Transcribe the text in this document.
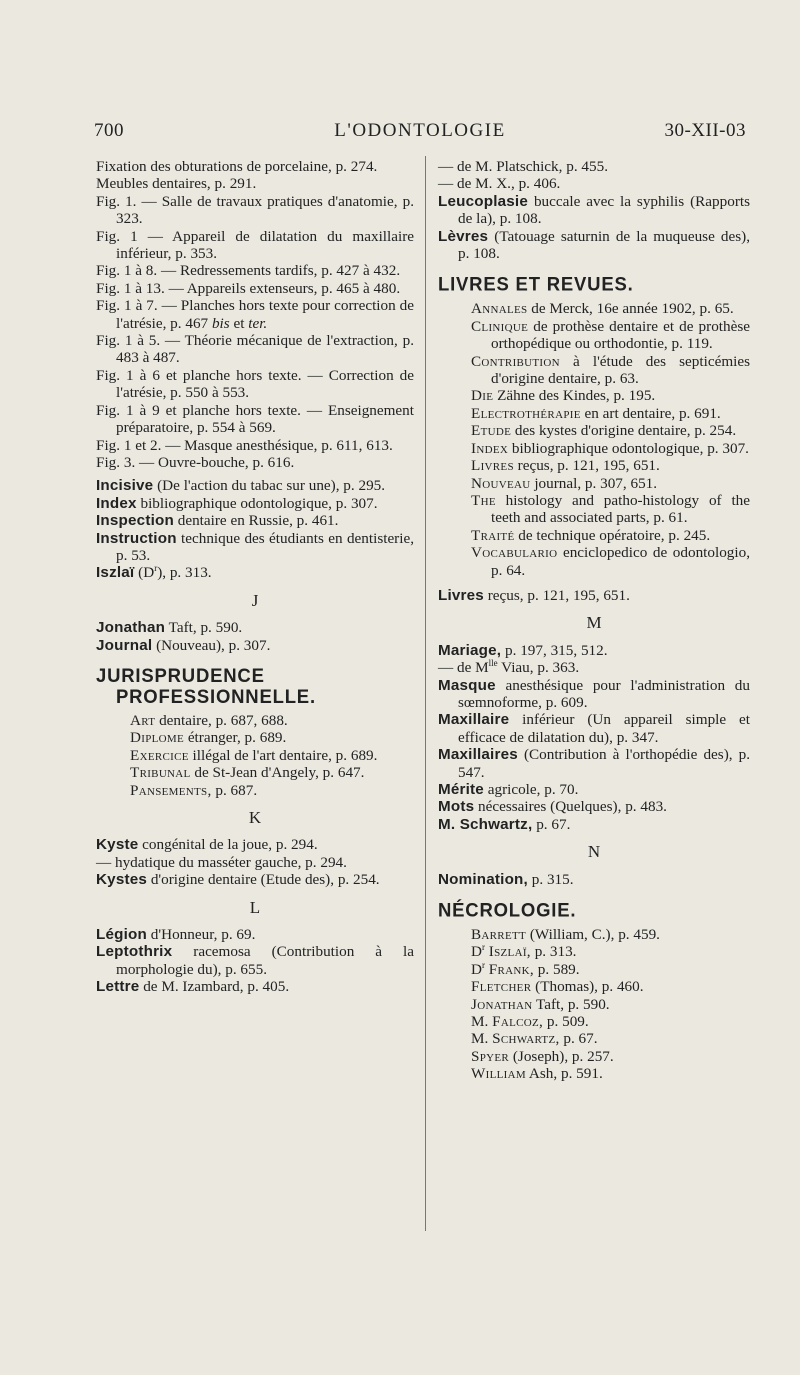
700	L'ODONTOLOGIE	30-XII-03

Fixation des obturations de porcelaine, p. 274.

Meubles dentaires, p. 291.

Fig. 1. — Salle de travaux pratiques d'anatomie, p. 323.

Fig. 1 — Appareil de dilatation du maxillaire inférieur, p. 353.

Fig. 1 à 8. — Redressements tardifs, p. 427 à 432.

Fig. 1 à 13. — Appareils extenseurs, p. 465 à 480.

Fig. 1 à 7. — Planches hors texte pour correction de l'atrésie, p. 467 bis et ter.

Fig. 1 à 5. — Théorie mécanique de l'extraction, p. 483 à 487.

Fig. 1 à 6 et planche hors texte. — Correction de l'atrésie, p. 550 à 553.

Fig. 1 à 9 et planche hors texte. — Enseignement préparatoire, p. 554 à 569.

Fig. 1 et 2. — Masque anesthésique, p. 611, 613.

Fig. 3. — Ouvre-bouche, p. 616.

Incisive (De l'action du tabac sur une), p. 295.

Index bibliographique odontologique, p. 307.

Inspection dentaire en Russie, p. 461.

Instruction technique des étudiants en dentisterie, p. 53.

Iszlaï $(D^r)$, p. 313.

J

Jonathan Taft, p. 590.

Journal (Nouveau), p. 307.

JURISPRUDENCE PROFESSIONNELLE.

Art dentaire, p. 687, 688.

Diplome étranger, p. 689.

Exercice illégal de l'art dentaire, p. 689.

Tribunal de St-Jean d'Angely, p. 647.

Pansements, p. 687.

K

Kyste congénital de la joue, p. 294.

— hydatique du masséter gauche, p. 294.

Kystes d'origine dentaire (Etude des), p. 254.

L

Légion d'Honneur, p. 69.

Leptothrix racemosa (Contribution à la morphologie du), p. 655.

Lettre de M. Izambard, p. 405.

— de M. Platschick, p. 455.

— de M. X., p. 406.

Leucoplasie buccale avec la syphilis (Rapports de la), p. 108.

Lèvres (Tatouage saturnin de la muqueuse des), p. 108.

LIVRES ET REVUES.

Annales de Merck, 16e année 1902, p. 65.

Clinique de prothèse dentaire et de prothèse orthopédique ou orthodontie, p. 119.

Contribution à l'étude des septicémies d'origine dentaire, p. 63.

Die Zähne des Kindes, p. 195.

Electrothérapie en art dentaire, p. 691.

Etude des kystes d'origine dentaire, p. 254.

Index bibliographique odontologique, p. 307.

Livres reçus, p. 121, 195, 651.

Nouveau journal, p. 307, 651.

The histology and patho-histology of the teeth and associated parts, p. 61.

Traité de technique opératoire, p. 245.

Vocabulario enciclopedico de odontologio, p. 64.

Livres reçus, p. 121, 195, 651.

M

Mariage, p. 197, 315, 512.

— de $M^{lle}$ Viau, p. 363.

Masque anesthésique pour l'administration du sœmnoforme, p. 609.

Maxillaire inférieur (Un appareil simple et efficace de dilatation du), p. 347.

Maxillaires (Contribution à l'orthopédie des), p. 547.

Mérite agricole, p. 70.

Mots nécessaires (Quelques), p. 483.

M. Schwartz, p. 67.

N

Nomination, p. 315.

NÉCROLOGIE.

Barrett (William, C.), p. 459.

$D^r$ Iszlaï, p. 313.

$D^r$ Frank, p. 589.

Fletcher (Thomas), p. 460.

Jonathan Taft, p. 590.

M. Falcoz, p. 509.

M. Schwartz, p. 67.

Spyer (Joseph), p. 257.

William Ash, p. 591.
